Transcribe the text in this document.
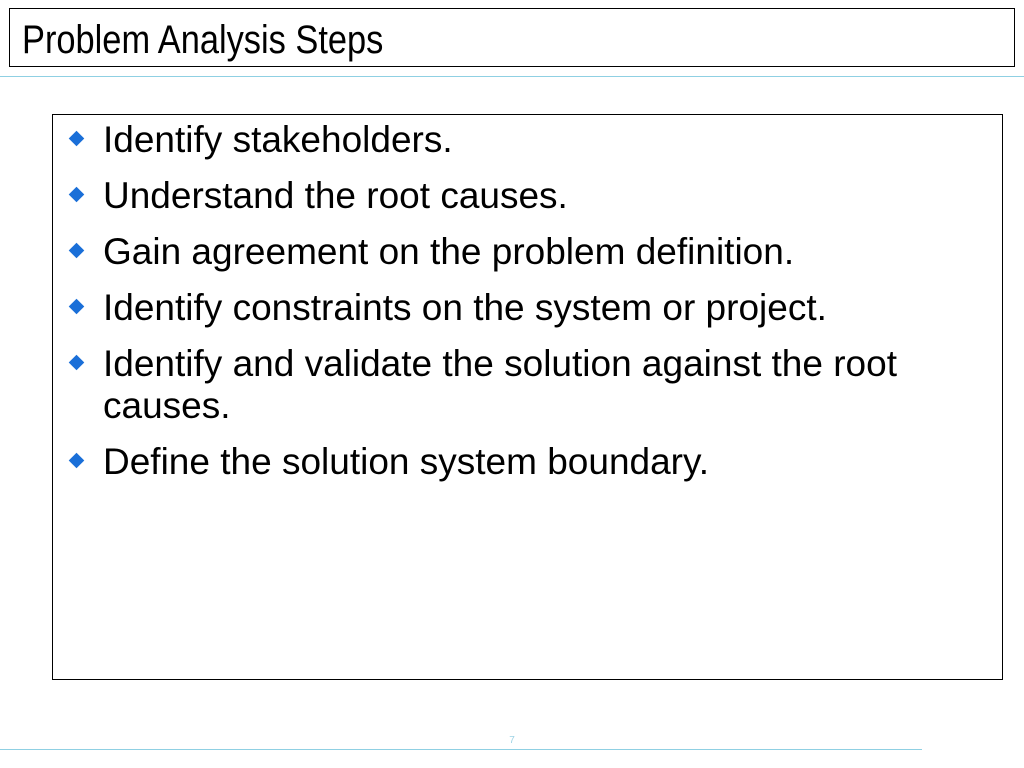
Problem Analysis Steps
Identify stakeholders.
Understand the root causes.
Gain agreement on the problem definition.
Identify constraints on the system or project.
Identify and validate the solution against the root causes.
Define the solution system boundary.
7
